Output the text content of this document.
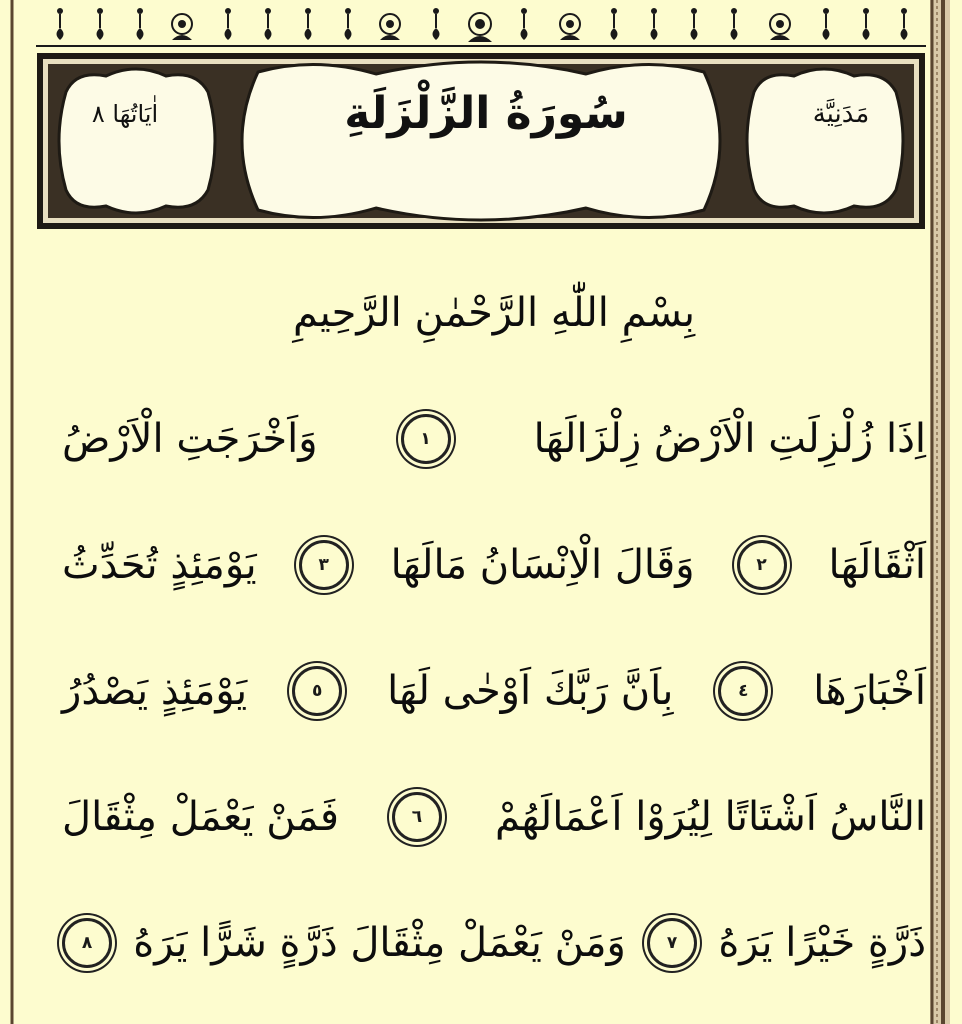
سُورَةُ الزَّلْزَلَةِ	مَدَنِيَّة
اٰيَاتُهَا ٨
بِسْمِ اللّٰهِ الرَّحْمٰنِ الرَّحِيمِ
اِذَا زُلْزِلَتِ الْاَرْضُ زِلْزَالَهَا
١
وَاَخْرَجَتِ الْاَرْضُ
اَثْقَالَهَا
٢
وَقَالَ الْاِنْسَانُ مَالَهَا
٣
يَوْمَئِذٍ تُحَدِّثُ
اَخْبَارَهَا
٤
بِاَنَّ رَبَّكَ اَوْحٰى لَهَا
٥
يَوْمَئِذٍ يَصْدُرُ
النَّاسُ اَشْتَاتًا لِيُرَوْا اَعْمَالَهُمْ
٦
فَمَنْ يَعْمَلْ مِثْقَالَ
ذَرَّةٍ خَيْرًا يَرَهُ
٧
وَمَنْ يَعْمَلْ مِثْقَالَ ذَرَّةٍ شَرًّا يَرَهُ
٨
